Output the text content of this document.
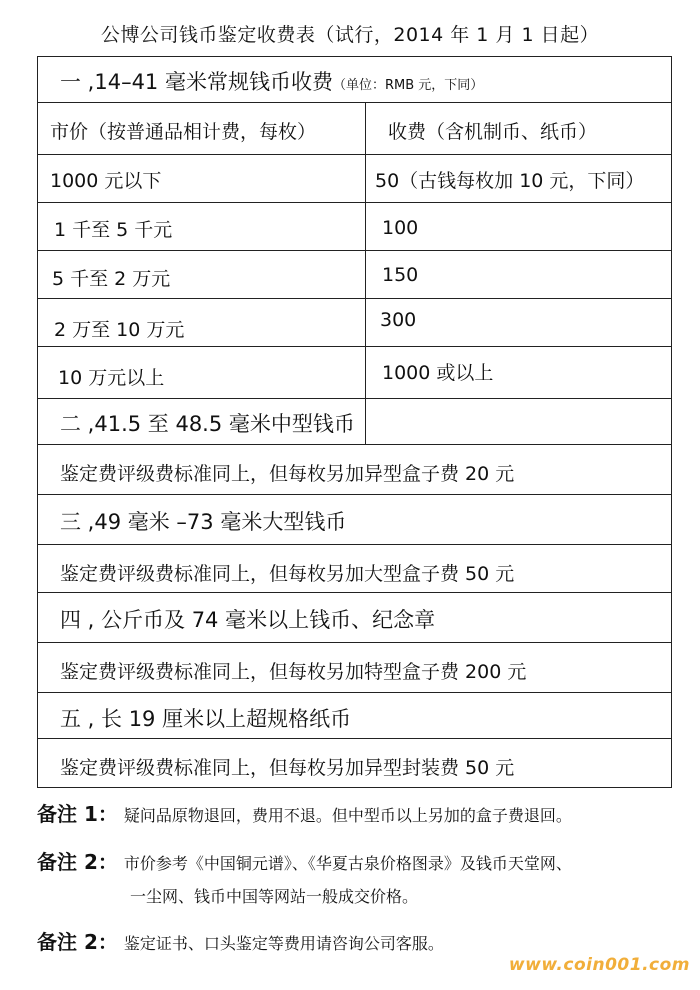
公博公司钱币鉴定收费表（试行，2014 年 1 月 1 日起）
一 ,14–41 毫米常规钱币收费（单位：RMB 元，下同）
市价（按普通品相计费，每枚）	收费（含机制币、纸币）
1000 元以下	50（古钱每枚加 10 元，下同）
1 千至 5 千元	100
5 千至 2 万元	150
2 万至 10 万元	300
10 万元以上	1000 或以上
二 ,41.5 至 48.5 毫米中型钱币
鉴定费评级费标准同上，但每枚另加异型盒子费 20 元
三 ,49 毫米 –73 毫米大型钱币
鉴定费评级费标准同上，但每枚另加大型盒子费 50 元
四 , 公斤币及 74 毫米以上钱币、纪念章
鉴定费评级费标准同上，但每枚另加特型盒子费 200 元
五 , 长 19 厘米以上超规格纸币
鉴定费评级费标准同上，但每枚另加异型封装费 50 元
备注 1： 疑问品原物退回，费用不退。但中型币以上另加的盒子费退回。
备注 2： 市价参考《中国铜元谱》、《华夏古泉价格图录》及钱币天堂网、
一尘网、钱币中国等网站一般成交价格。
备注 2： 鉴定证书、口头鉴定等费用请咨询公司客服。
www.coin001.com
